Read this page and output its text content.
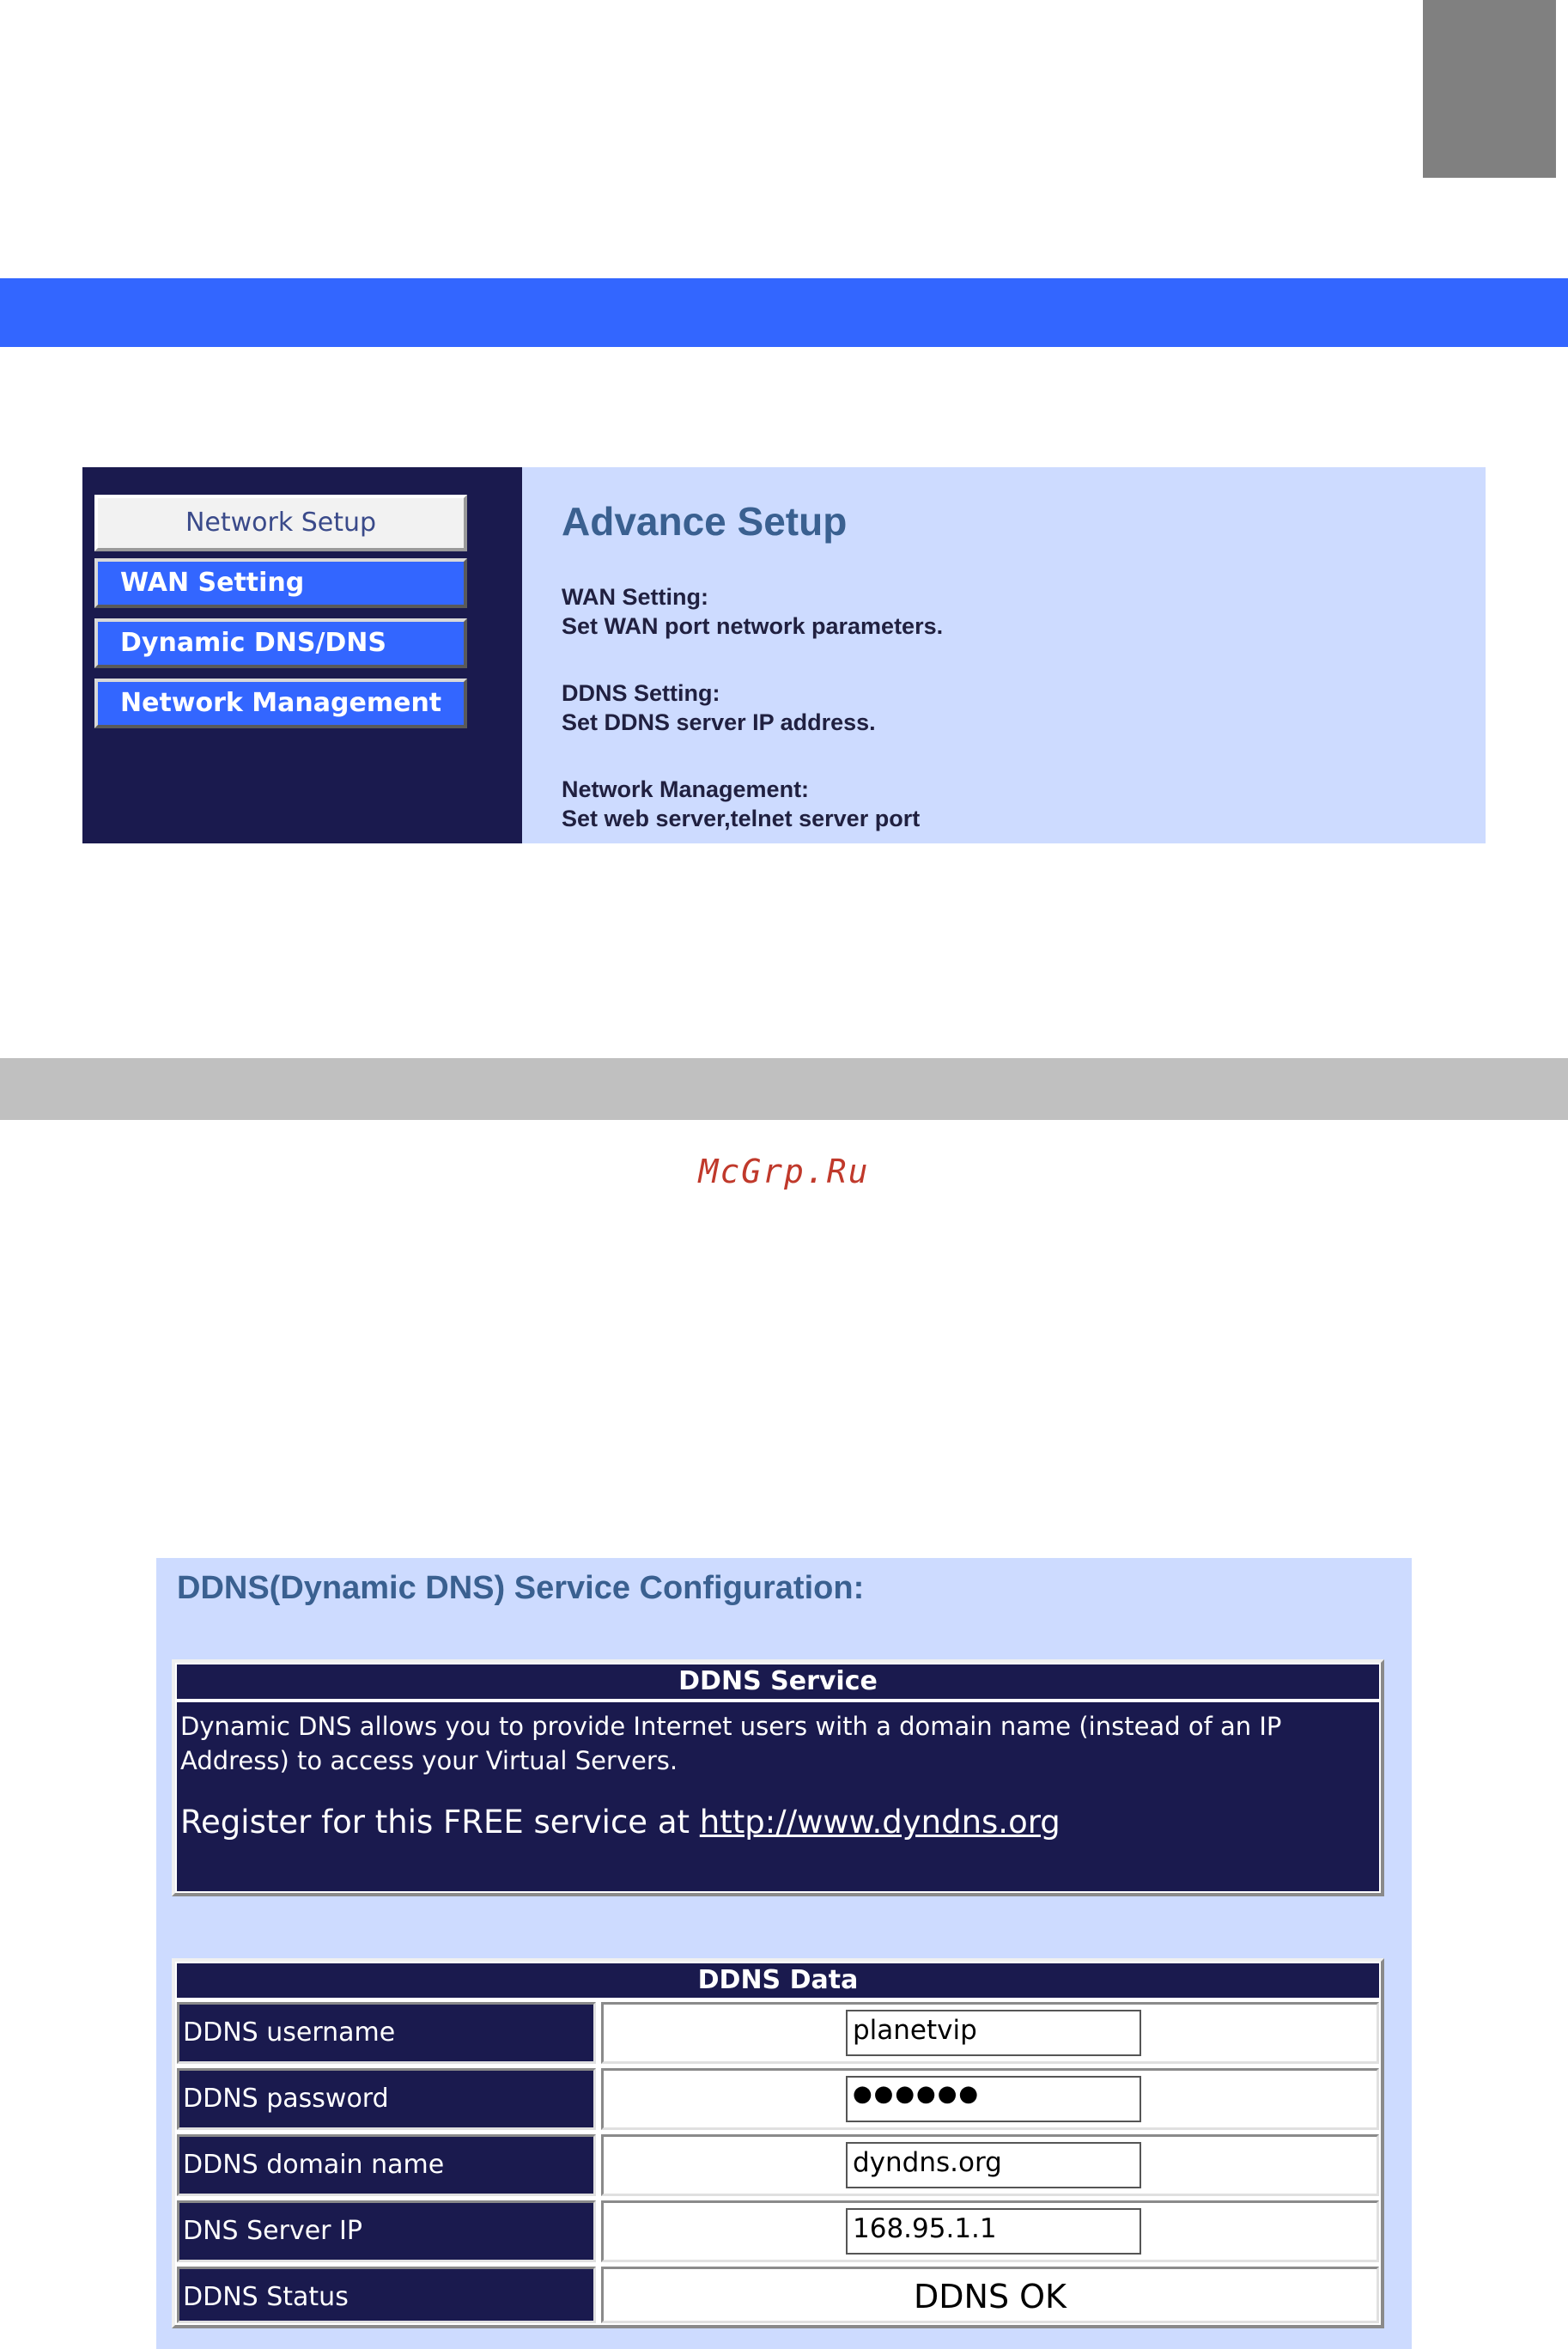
Network Setup
WAN Setting
Dynamic DNS/DNS
Network Management
Advance Setup
WAN Setting:
Set WAN port network parameters.
DDNS Setting:
Set DDNS server IP address.
Network Management:
Set web server,telnet server port
McGrp.Ru
DDNS(Dynamic DNS) Service Configuration:
DDNS Service
Dynamic DNS allows you to provide Internet users with a domain name (instead of an IP Address) to access your Virtual Servers.
Register for this FREE service at http://www.dyndns.org
DDNS Data
DDNS username	planetvip
DDNS password	●●●●●●
DDNS domain name	dyndns.org
DNS Server IP	168.95.1.1
DDNS Status	DDNS OK
